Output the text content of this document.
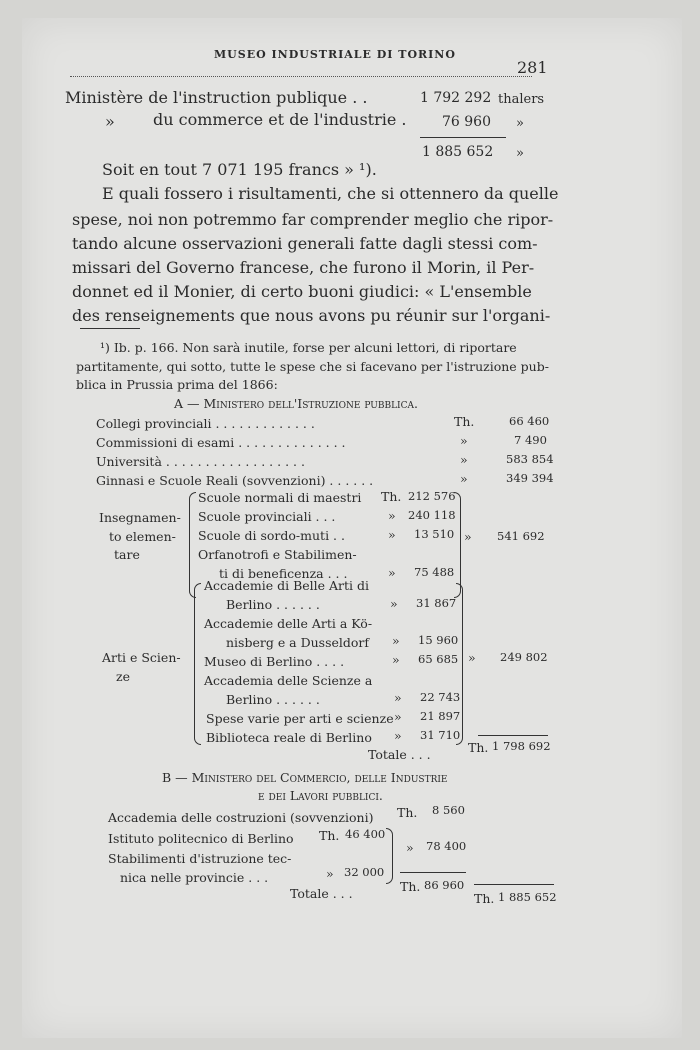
MUSEO INDUSTRIALE DI TORINO
281
Ministère de l'instruction publique . .	1 792 292 thalers
» du commerce et de l'industrie .	76 960 »
1 885 652 »
Soit en tout 7 071 195 francs » ¹).
E quali fossero i risultamenti, che si ottennero da quelle
spese, noi non potremmo far comprender meglio che ripor-
tando alcune osservazioni generali fatte dagli stessi com-
missari del Governo francese, che furono il Morin, il Per-
donnet ed il Monier, di certo buoni giudici: « L'ensemble
des renseignements que nous avons pu réunir sur l'organi-
¹) Ib. p. 166. Non sarà inutile, forse per alcuni lettori, di riportare
partitamente, qui sotto, tutte le spese che si facevano per l'istruzione pub-
blica in Prussia prima del 1866:
A — Ministero dell'Istruzione pubblica.
Collegi provinciali . . . . . . . . . . . . .	Th.	66 460
Commissioni di esami . . . . . . . . . . . . . .	»	7 490
Università . . . . . . . . . . . . . . . . . .	»	583 854
Ginnasi e Scuole Reali (sovvenzioni) . . . . . .	»	349 394
Insegnamen-
to elemen-
tare
Scuole normali di maestri Th. 212 576
Scuole provinciali . . .	» 240 118
Scuole di sordo-muti . .	» 13 510
Orfanotrofi e Stabilimen-
ti di beneficenza . . .	» 75 488
» 541 692
Arti e Scien-
ze
Accademie di Belle Arti di
Berlino . . . . . .	» 31 867
Accademie delle Arti a Kö-
nisberg e a Dusseldorf » 15 960
Museo di Berlino . . . .	» 65 685
Accademia delle Scienze a
Berlino . . . . . .	» 22 743
Spese varie per arti e scienze » 21 897
Biblioteca reale di Berlino » 31 710
» 249 802
Totale . . .	Th. 1 798 692
B — Ministero del Commercio, delle Industrie
e dei Lavori pubblici.
Accademia delle costruzioni (sovvenzioni) Th. 8 560
Istituto politecnico di Berlino Th. 46 400
Stabilimenti d'istruzione tec-
nica nelle provincie . . .	» 32 000
» 78 400
Totale . . .	Th. 86 960
Th. 1 885 652
